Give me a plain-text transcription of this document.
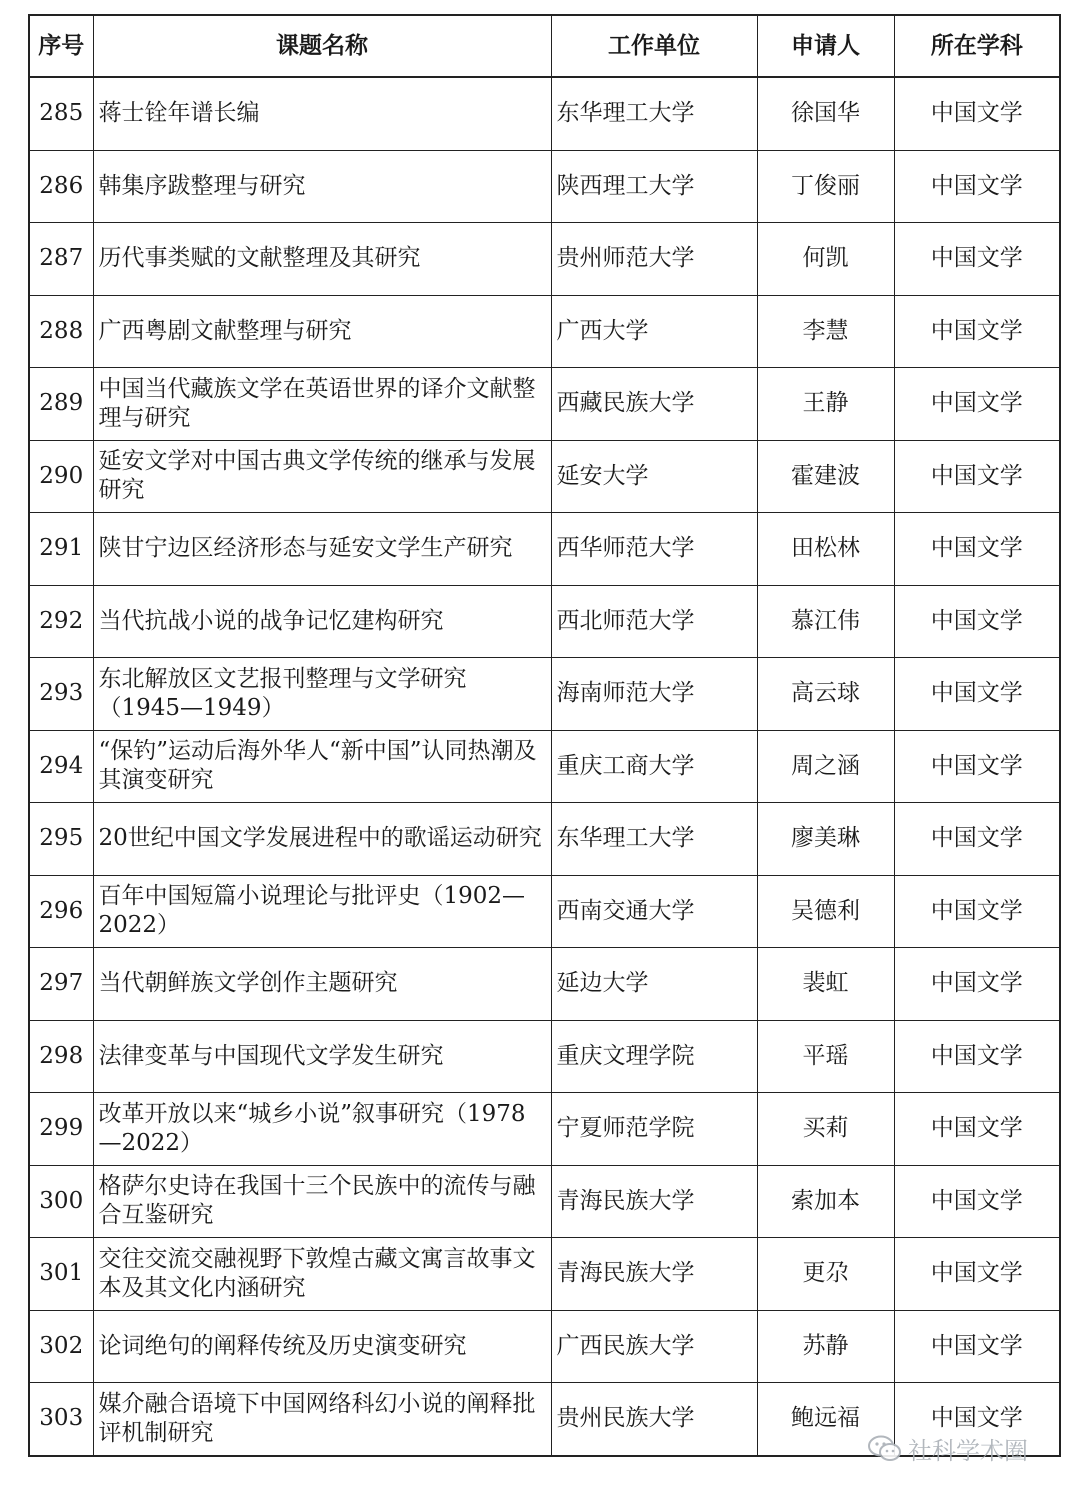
序号	课题名称	工作单位	申请人	所在学科
285	蒋士铨年谱长编	东华理工大学	徐国华	中国文学
286	韩集序跋整理与研究	陕西理工大学	丁俊丽	中国文学
287	历代事类赋的文献整理及其研究	贵州师范大学	何凯	中国文学
288	广西粤剧文献整理与研究	广西大学	李慧	中国文学
289	中国当代藏族文学在英语世界的译介文献整理与研究	西藏民族大学	王静	中国文学
290	延安文学对中国古典文学传统的继承与发展研究	延安大学	霍建波	中国文学
291	陕甘宁边区经济形态与延安文学生产研究	西华师范大学	田松林	中国文学
292	当代抗战小说的战争记忆建构研究	西北师范大学	慕江伟	中国文学
293	东北解放区文艺报刊整理与文学研究（1945—1949）	海南师范大学	高云球	中国文学
294	“保钓”运动后海外华人“新中国”认同热潮及其演变研究	重庆工商大学	周之涵	中国文学
295	20世纪中国文学发展进程中的歌谣运动研究	东华理工大学	廖美琳	中国文学
296	百年中国短篇小说理论与批评史（1902—2022）	西南交通大学	吴德利	中国文学
297	当代朝鲜族文学创作主题研究	延边大学	裴虹	中国文学
298	法律变革与中国现代文学发生研究	重庆文理学院	平瑶	中国文学
299	改革开放以来“城乡小说”叙事研究（1978—2022）	宁夏师范学院	买莉	中国文学
300	格萨尔史诗在我国十三个民族中的流传与融合互鉴研究	青海民族大学	索加本	中国文学
301	交往交流交融视野下敦煌古藏文寓言故事文本及其文化内涵研究	青海民族大学	更尕	中国文学
302	论词绝句的阐释传统及历史演变研究	广西民族大学	苏静	中国文学
303	媒介融合语境下中国网络科幻小说的阐释批评机制研究	贵州民族大学	鲍远福	中国文学
社科学术圈
